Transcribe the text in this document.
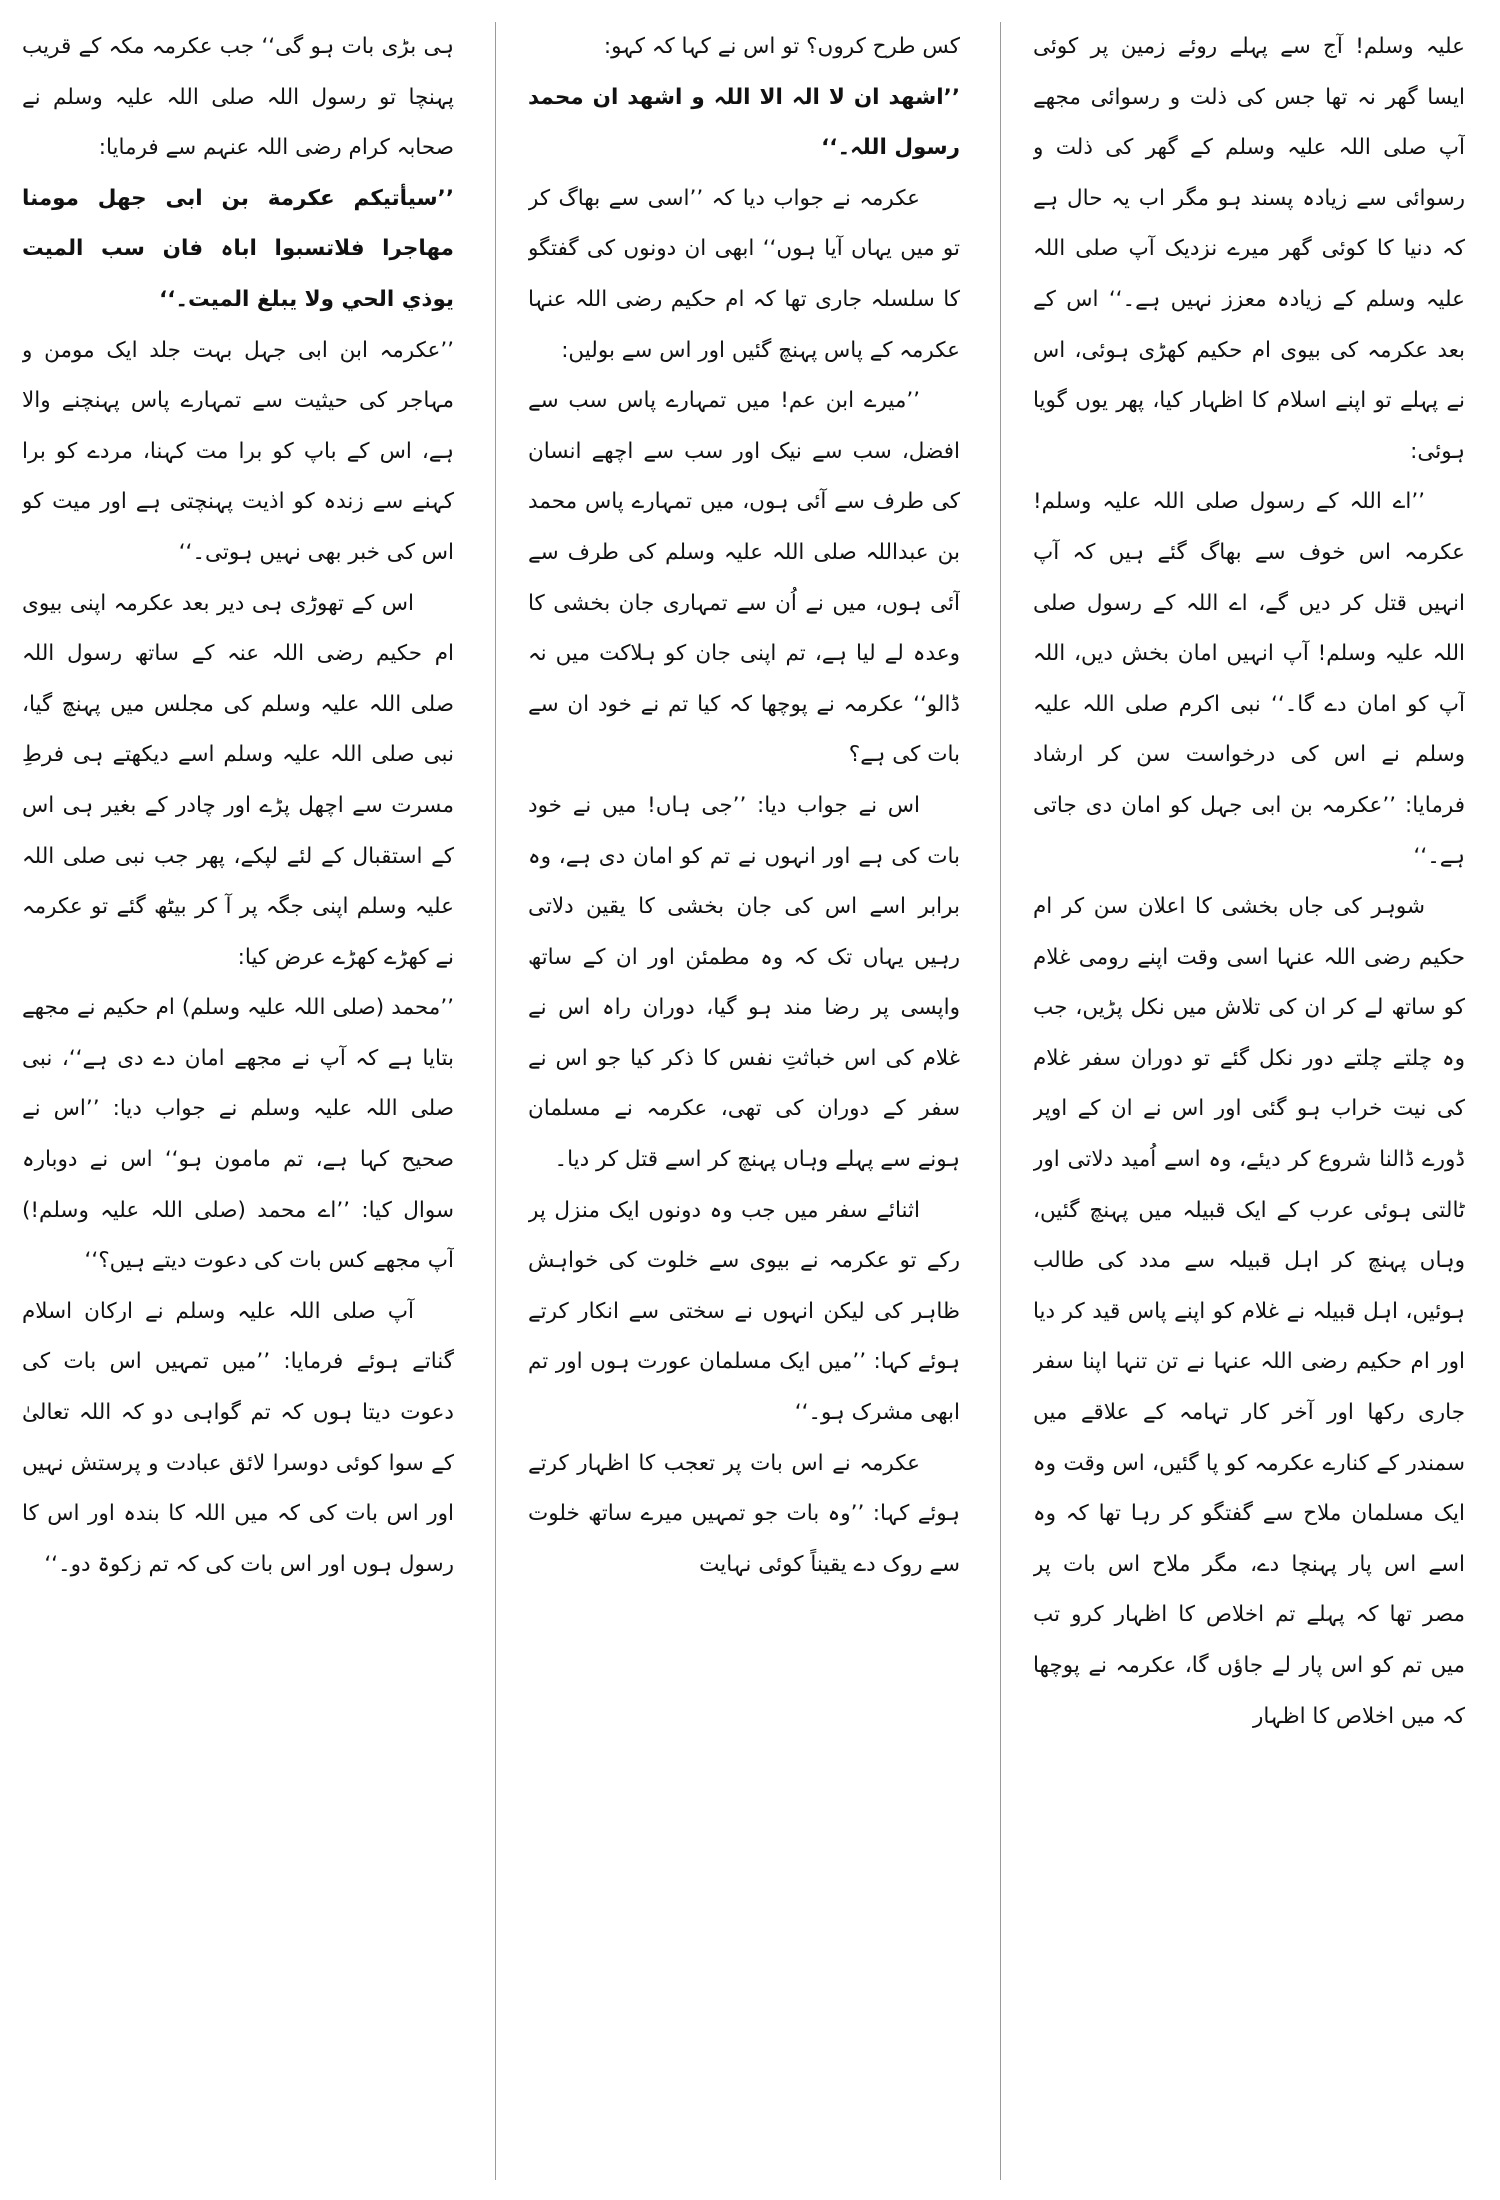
علیہ وسلم! آج سے پہلے روئے زمین پر کوئی ایسا گھر نہ تھا جس کی ذلت و رسوائی مجھے آپ صلی اللہ علیہ وسلم کے گھر کی ذلت و رسوائی سے زیادہ پسند ہو مگر اب یہ حال ہے کہ دنیا کا کوئی گھر میرے نزدیک آپ صلی اللہ علیہ وسلم کے زیادہ معزز نہیں ہے۔‘‘ اس کے بعد عکرمہ کی بیوی ام حکیم کھڑی ہوئی، اس نے پہلے تو اپنے اسلام کا اظہار کیا، پھر یوں گویا ہوئی:

’’اے اللہ کے رسول صلی اللہ علیہ وسلم! عکرمہ اس خوف سے بھاگ گئے ہیں کہ آپ انہیں قتل کر دیں گے، اے اللہ کے رسول صلی اللہ علیہ وسلم! آپ انہیں امان بخش دیں، اللہ آپ کو امان دے گا۔‘‘ نبی اکرم صلی اللہ علیہ وسلم نے اس کی درخواست سن کر ارشاد فرمایا: ’’عکرمہ بن ابی جہل کو امان دی جاتی ہے۔‘‘

شوہر کی جاں بخشی کا اعلان سن کر ام حکیم رضی اللہ عنہا اسی وقت اپنے رومی غلام کو ساتھ لے کر ان کی تلاش میں نکل پڑیں، جب وہ چلتے چلتے دور نکل گئے تو دوران سفر غلام کی نیت خراب ہو گئی اور اس نے ان کے اوپر ڈورے ڈالنا شروع کر دیئے، وہ اسے اُمید دلاتی اور ٹالتی ہوئی عرب کے ایک قبیلہ میں پہنچ گئیں، وہاں پہنچ کر اہل قبیلہ سے مدد کی طالب ہوئیں، اہل قبیلہ نے غلام کو اپنے پاس قید کر دیا اور ام حکیم رضی اللہ عنہا نے تن تنہا اپنا سفر جاری رکھا اور آخر کار تہامہ کے علاقے میں سمندر کے کنارے عکرمہ کو پا گئیں، اس وقت وہ ایک مسلمان ملاح سے گفتگو کر رہا تھا کہ وہ اسے اس پار پہنچا دے، مگر ملاح اس بات پر مصر تھا کہ پہلے تم اخلاص کا اظہار کرو تب میں تم کو اس پار لے جاؤں گا، عکرمہ نے پوچھا کہ میں اخلاص کا اظہار

کس طرح کروں؟ تو اس نے کہا کہ کہو:

’’اشھد ان لا الہ الا اللہ و اشھد ان محمد رسول اللہ۔‘‘

عکرمہ نے جواب دیا کہ ’’اسی سے بھاگ کر تو میں یہاں آیا ہوں‘‘ ابھی ان دونوں کی گفتگو کا سلسلہ جاری تھا کہ ام حکیم رضی اللہ عنہا عکرمہ کے پاس پہنچ گئیں اور اس سے بولیں:

’’میرے ابن عم! میں تمہارے پاس سب سے افضل، سب سے نیک اور سب سے اچھے انسان کی طرف سے آئی ہوں، میں تمہارے پاس محمد بن عبداللہ صلی اللہ علیہ وسلم کی طرف سے آئی ہوں، میں نے اُن سے تمہاری جان بخشی کا وعدہ لے لیا ہے، تم اپنی جان کو ہلاکت میں نہ ڈالو‘‘ عکرمہ نے پوچھا کہ کیا تم نے خود ان سے بات کی ہے؟

اس نے جواب دیا: ’’جی ہاں! میں نے خود بات کی ہے اور انہوں نے تم کو امان دی ہے، وہ برابر اسے اس کی جان بخشی کا یقین دلاتی رہیں یہاں تک کہ وہ مطمئن اور ان کے ساتھ واپسی پر رضا مند ہو گیا، دوران راہ اس نے غلام کی اس خباثتِ نفس کا ذکر کیا جو اس نے سفر کے دوران کی تھی، عکرمہ نے مسلمان ہونے سے پہلے وہاں پہنچ کر اسے قتل کر دیا۔

اثنائے سفر میں جب وہ دونوں ایک منزل پر رکے تو عکرمہ نے بیوی سے خلوت کی خواہش ظاہر کی لیکن انہوں نے سختی سے انکار کرتے ہوئے کہا: ’’میں ایک مسلمان عورت ہوں اور تم ابھی مشرک ہو۔‘‘

عکرمہ نے اس بات پر تعجب کا اظہار کرتے ہوئے کہا: ’’وہ بات جو تمہیں میرے ساتھ خلوت سے روک دے یقیناً کوئی نہایت

ہی بڑی بات ہو گی‘‘ جب عکرمہ مکہ کے قریب پہنچا تو رسول اللہ صلی اللہ علیہ وسلم نے صحابہ کرام رضی اللہ عنہم سے فرمایا:

’’سیأتیکم عکرمة بن ابی جھل مومنا مھاجرا فلاتسبوا اباہ فان سب المیت یوذي الحي ولا یبلغ المیت۔‘‘

’’عکرمہ ابن ابی جہل بہت جلد ایک مومن و مہاجر کی حیثیت سے تمہارے پاس پہنچنے والا ہے، اس کے باپ کو برا مت کہنا، مردے کو برا کہنے سے زندہ کو اذیت پہنچتی ہے اور میت کو اس کی خبر بھی نہیں ہوتی۔‘‘

اس کے تھوڑی ہی دیر بعد عکرمہ اپنی بیوی ام حکیم رضی اللہ عنہ کے ساتھ رسول اللہ صلی اللہ علیہ وسلم کی مجلس میں پہنچ گیا، نبی صلی اللہ علیہ وسلم اسے دیکھتے ہی فرطِ مسرت سے اچھل پڑے اور چادر کے بغیر ہی اس کے استقبال کے لئے لپکے، پھر جب نبی صلی اللہ علیہ وسلم اپنی جگہ پر آ کر بیٹھ گئے تو عکرمہ نے کھڑے کھڑے عرض کیا:

’’محمد (صلی اللہ علیہ وسلم) ام حکیم نے مجھے بتایا ہے کہ آپ نے مجھے امان دے دی ہے‘‘، نبی صلی اللہ علیہ وسلم نے جواب دیا: ’’اس نے صحیح کہا ہے، تم مامون ہو‘‘ اس نے دوبارہ سوال کیا: ’’اے محمد (صلی اللہ علیہ وسلم!) آپ مجھے کس بات کی دعوت دیتے ہیں؟‘‘

آپ صلی اللہ علیہ وسلم نے ارکان اسلام گناتے ہوئے فرمایا: ’’میں تمہیں اس بات کی دعوت دیتا ہوں کہ تم گواہی دو کہ اللہ تعالیٰ کے سوا کوئی دوسرا لائق عبادت و پرستش نہیں اور اس بات کی کہ میں اللہ کا بندہ اور اس کا رسول ہوں اور اس بات کی کہ تم زکوۃ دو۔‘‘
